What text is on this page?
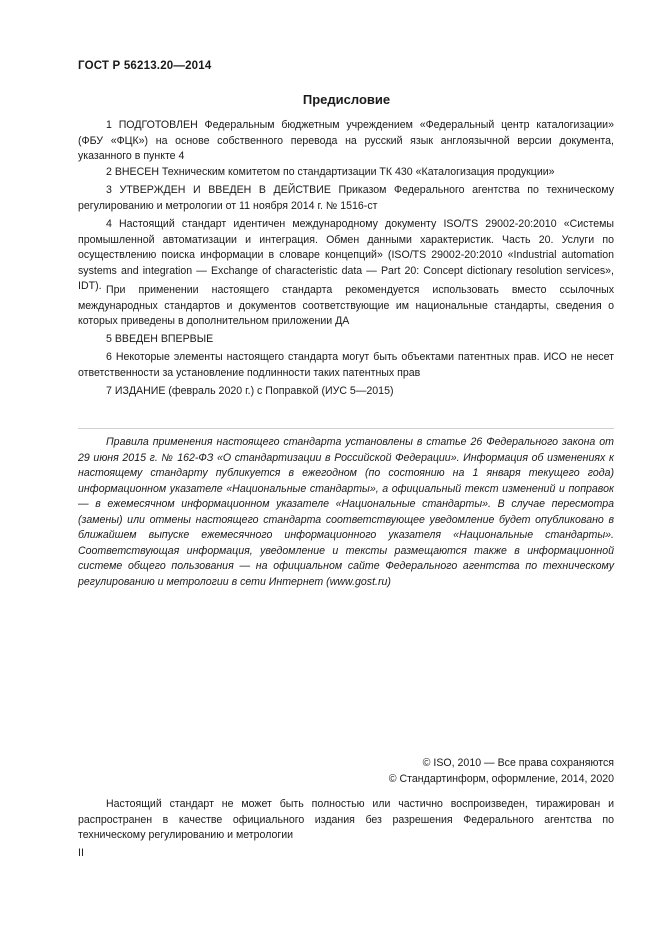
ГОСТ Р 56213.20—2014
Предисловие

1 ПОДГОТОВЛЕН Федеральным бюджетным учреждением «Федеральный центр каталогизации» (ФБУ «ФЦК») на основе собственного перевода на русский язык англоязычной версии документа, указанного в пункте 4

2 ВНЕСЕН Техническим комитетом по стандартизации ТК 430 «Каталогизация продукции»

3 УТВЕРЖДЕН И ВВЕДЕН В ДЕЙСТВИЕ Приказом Федерального агентства по техническому регулированию и метрологии от 11 ноября 2014 г. № 1516-ст

4 Настоящий стандарт идентичен международному документу ISO/TS 29002-20:2010 «Системы промышленной автоматизации и интеграция. Обмен данными характеристик. Часть 20. Услуги по осуществлению поиска информации в словаре концепций» (ISO/TS 29002-20:2010 «Industrial automation systems and integration — Exchange of characteristic data — Part 20: Concept dictionary resolution services», IDT). При применении настоящего стандарта рекомендуется использовать вместо ссылочных международных стандартов и документов соответствующие им национальные стандарты, сведения о которых приведены в дополнительном приложении ДА

5 ВВЕДЕН ВПЕРВЫЕ

6 Некоторые элементы настоящего стандарта могут быть объектами патентных прав. ИСО не несет ответственности за установление подлинности таких патентных прав

7 ИЗДАНИЕ (февраль 2020 г.) с Поправкой (ИУС 5—2015)

Правила применения настоящего стандарта установлены в статье 26 Федерального закона от 29 июня 2015 г. № 162-ФЗ «О стандартизации в Российской Федерации». Информация об изменениях к настоящему стандарту публикуется в ежегодном (по состоянию на 1 января текущего года) информационном указателе «Национальные стандарты», а официальный текст изменений и поправок — в ежемесячном информационном указателе «Национальные стандарты». В случае пересмотра (замены) или отмены настоящего стандарта соответствующее уведомление будет опубликовано в ближайшем выпуске ежемесячного информационного указателя «Национальные стандарты». Соответствующая информация, уведомление и тексты размещаются также в информационной системе общего пользования — на официальном сайте Федерального агентства по техническому регулированию и метрологии в сети Интернет (www.gost.ru)

© ISO, 2010 — Все права сохраняются
© Стандартинформ, оформление, 2014, 2020

Настоящий стандарт не может быть полностью или частично воспроизведен, тиражирован и распространен в качестве официального издания без разрешения Федерального агентства по техническому регулированию и метрологии

II
